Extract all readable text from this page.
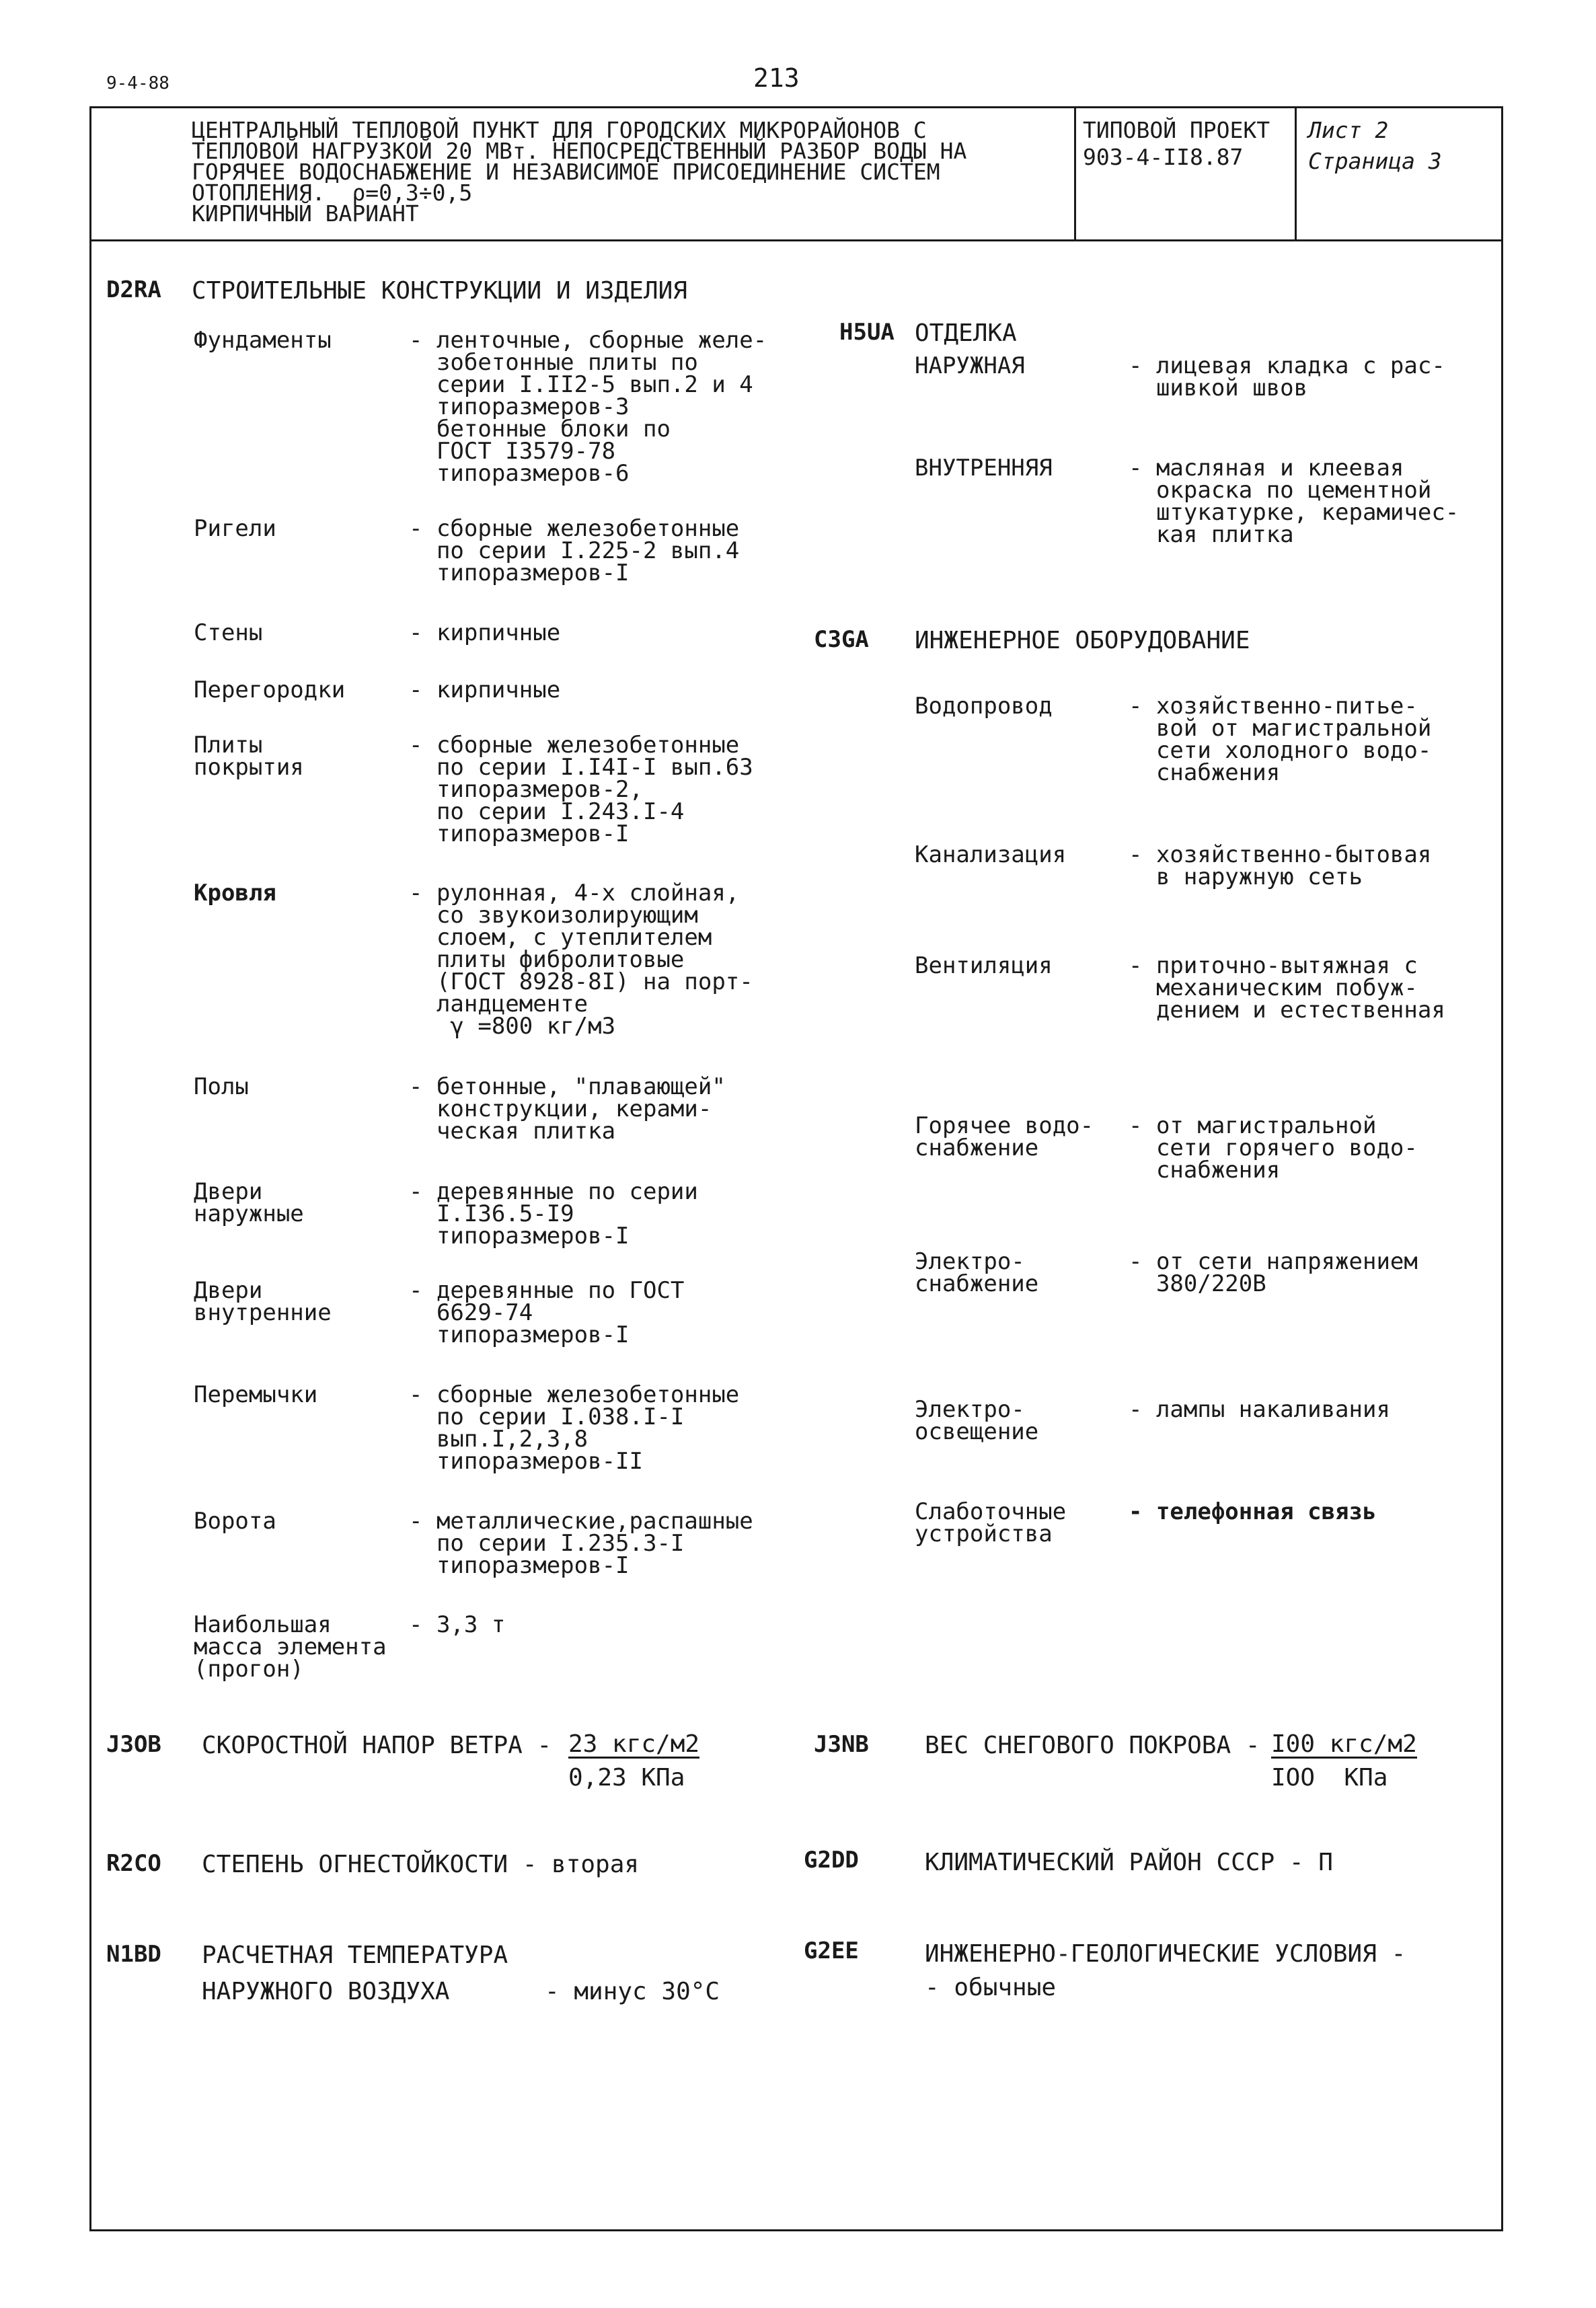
9-4-88	213
ЦЕНТРАЛЬНЫЙ ТЕПЛОВОЙ ПУНКТ ДЛЯ ГОРОДСКИХ МИКРОРАЙОНОВ С
ТЕПЛОВОЙ НАГРУЗКОЙ 20 МВт. НЕПОСРЕДСТВЕННЫЙ РАЗБОР ВОДЫ НА
ГОРЯЧЕЕ ВОДОСНАБЖЕНИЕ И НЕЗАВИСИМОЕ ПРИСОЕДИНЕНИЕ СИСТЕМ
ОТОПЛЕНИЯ.  ρ=0,3÷0,5
КИРПИЧНЫЙ ВАРИАНТ
ТИПОВОЙ ПРОЕКТ
903-4-II8.87
Лист 2
Страница 3
D2RA СТРОИТЕЛЬНЫЕ КОНСТРУКЦИИ И ИЗДЕЛИЯ
Фундаменты	- ленточные, сборные желе-
зобетонные плиты по
серии I.II2-5 вып.2 и 4
типоразмеров-3
бетонные блоки по
ГОСТ I3579-78
типоразмеров-6
Ригели	- сборные железобетонные
по серии I.225-2 вып.4
типоразмеров-I
Стены	- кирпичные
Перегородки	- кирпичные
Плиты
покрытия
- сборные железобетонные
по серии I.I4I-I вып.63
типоразмеров-2,
по серии I.243.I-4
типоразмеров-I
Кровля	- рулонная, 4-х слойная,
со звукоизолирующим
слоем, с утеплителем
плиты фибролитовые
(ГОСТ 8928-8I) на порт-
ландцементе
γ =800 кг/м3
Полы	- бетонные, "плавающей"
конструкции, керами-
ческая плитка
Двери
наружные
- деревянные по серии
I.I36.5-I9
типоразмеров-I
Двери
внутренние
- деревянные по ГОСТ
6629-74
типоразмеров-I
Перемычки	- сборные железобетонные
по серии I.038.I-I
вып.I,2,3,8
типоразмеров-II
Ворота	- металлические,распашные
по серии I.235.3-I
типоразмеров-I
Наибольшая
масса элемента
(прогон)
- 3,3 т
H5UA ОТДЕЛКА
НАРУЖНАЯ	- лицевая кладка с рас-
шивкой швов
ВНУТРЕННЯЯ	- масляная и клеевая
окраска по цементной
штукатурке, керамичес-
кая плитка
C3GA ИНЖЕНЕРНОЕ ОБОРУДОВАНИЕ
Водопровод	- хозяйственно-питье-
вой от магистральной
сети холодного водо-
снабжения
Канализация	- хозяйственно-бытовая
в наружную сеть
Вентиляция	- приточно-вытяжная с
механическим побуж-
дением и естественная
Горячее водо-
снабжение
- от магистральной
сети горячего водо-
снабжения
Электро-
снабжение
- от сети напряжением
380/220В
Электро-
освещение
- лампы накаливания
Слаботочные
устройства
- телефонная связь
J3OB СКОРОСТНОЙ НАПОР ВЕТРА - 23 кгс/м2
0,23 КПа
J3NB ВЕС СНЕГОВОГО ПОКРОВА - I00 кгс/м2
IOO  КПа
R2CO СТЕПЕНЬ ОГНЕСТОЙКОСТИ - вторая	G2DD	КЛИМАТИЧЕСКИЙ РАЙОН СССР - П
N1BD РАСЧЕТНАЯ ТЕМПЕРАТУРА
НАРУЖНОГО ВОЗДУХА	- минус 30°С
G2EE	ИНЖЕНЕРНО-ГЕОЛОГИЧЕСКИЕ УСЛОВИЯ -
- обычные
